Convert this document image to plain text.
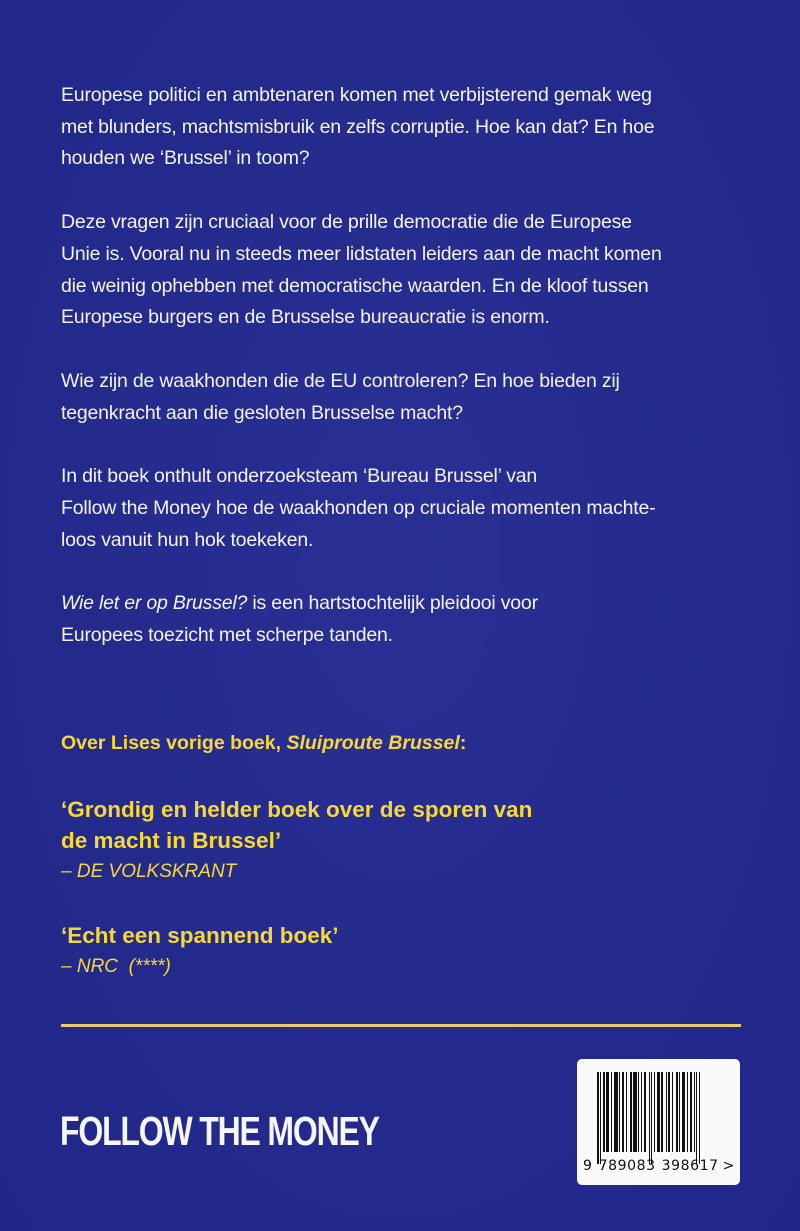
Europese politici en ambtenaren komen met verbijsterend gemak weg
met blunders, machtsmisbruik en zelfs corruptie. Hoe kan dat? En hoe
houden we ‘Brussel’ in toom?

Deze vragen zijn cruciaal voor de prille democratie die de Europese
Unie is. Vooral nu in steeds meer lidstaten leiders aan de macht komen
die weinig ophebben met democratische waarden. En de kloof tussen
Europese burgers en de Brusselse bureaucratie is enorm.

Wie zijn de waakhonden die de EU controleren? En hoe bieden zij
tegenkracht aan die gesloten Brusselse macht?

In dit boek onthult onderzoeksteam ‘Bureau Brussel’ van
Follow the Money hoe de waakhonden op cruciale momenten machte-
loos vanuit hun hok toekeken.

Wie let er op Brussel? is een hartstochtelijk pleidooi voor
Europees toezicht met scherpe tanden.

Over Lises vorige boek, Sluiproute Brussel:

‘Grondig en helder boek over de sporen van
de macht in Brussel’

– DE VOLKSKRANT

‘Echt een spannend boek’

– NRC  (****)

FOLLOW THE MONEY
9 789083 398617 >
